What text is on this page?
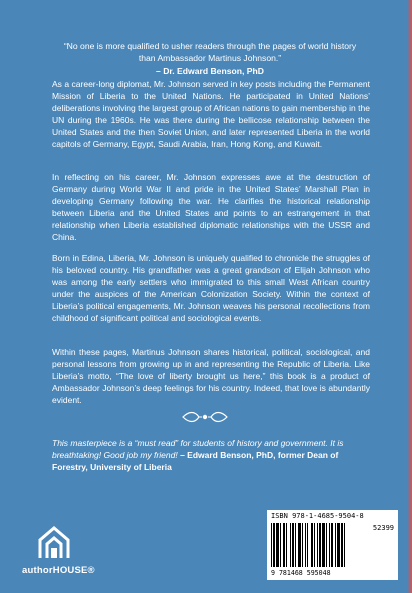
“No one is more qualified to usher readers through the pages of world history than Ambassador Martinus Johnson.”
– Dr. Edward Benson, PhD

As a career-long diplomat, Mr. Johnson served in key posts including the Permanent Mission of Liberia to the United Nations. He participated in United Nations’ deliberations involving the largest group of African nations to gain membership in the UN during the 1960s. He was there during the bellicose relationship between the United States and the then Soviet Union, and later represented Liberia in the world capitols of Germany, Egypt, Saudi Arabia, Iran, Hong Kong, and Kuwait.

In reflecting on his career, Mr. Johnson expresses awe at the destruction of Germany during World War II and pride in the United States’ Marshall Plan in developing Germany following the war. He clarifies the historical relationship between Liberia and the United States and points to an estrangement in that relationship when Liberia established diplomatic relationships with the USSR and China.

Born in Edina, Liberia, Mr. Johnson is uniquely qualified to chronicle the struggles of his beloved country. His grandfather was a great grandson of Elijah Johnson who was among the early settlers who immigrated to this small West African country under the auspices of the American Colonization Society. Within the context of Liberia’s political engagements, Mr. Johnson weaves his personal recollections from childhood of significant political and sociological events.

Within these pages, Martinus Johnson shares historical, political, sociological, and personal lessons from growing up in and representing the Republic of Liberia. Like Liberia’s motto, “The love of liberty brought us here,” this book is a product of Ambassador Johnson’s deep feelings for his country. Indeed, that love is abundantly evident.

This masterpiece is a “must read” for students of history and government. It is breathtaking! Good job my friend! – Edward Benson, PhD, former Dean of Forestry, University of Liberia

authorHOUSE®
ISBN 978-1-4685-9504-8
52399
9 781468 595048
